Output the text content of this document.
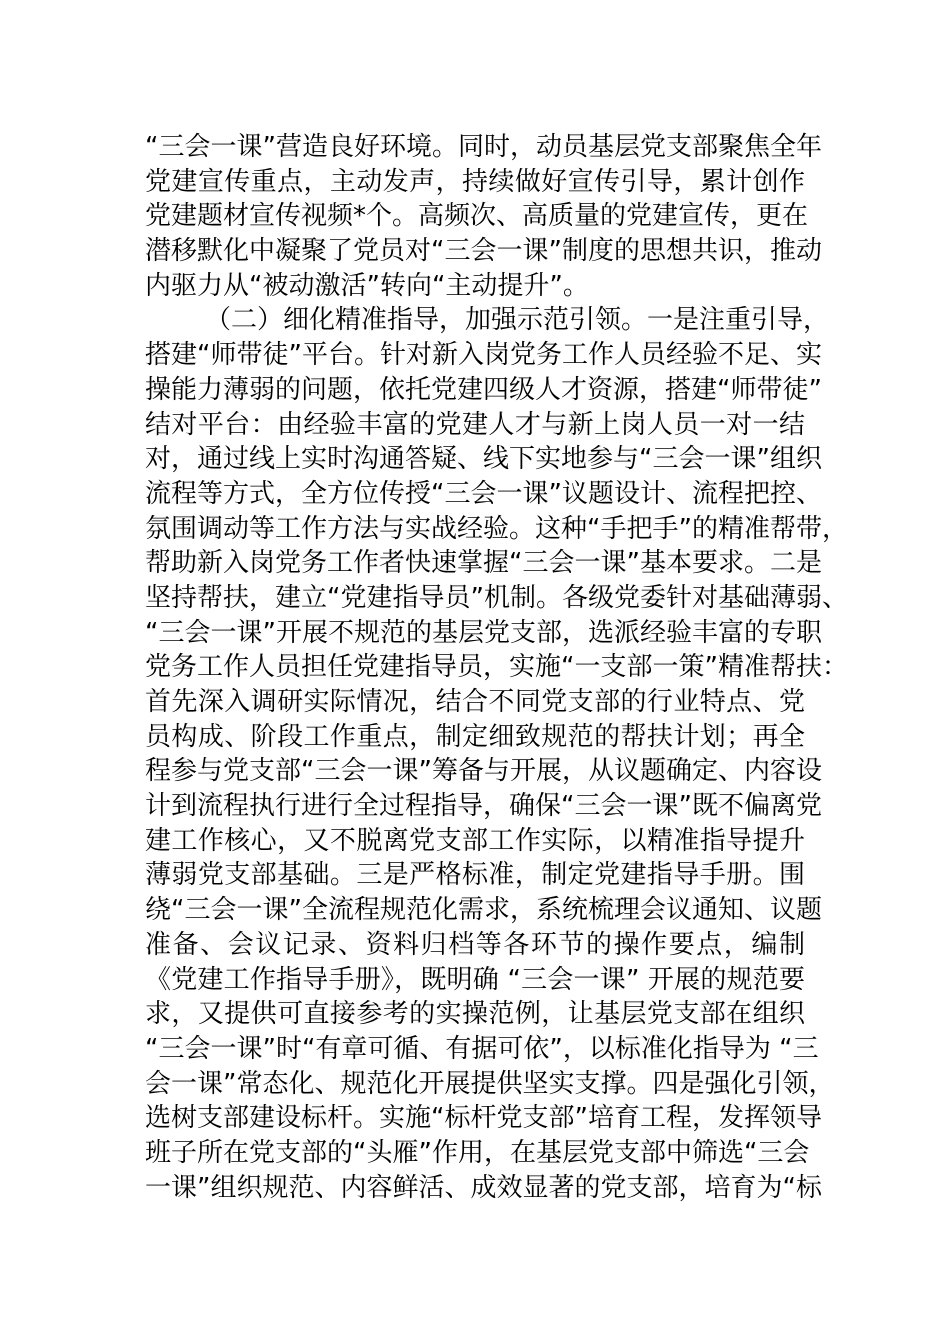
“三会一课”营造良好环境。同时，动员基层党支部聚焦全年
党建宣传重点，主动发声，持续做好宣传引导，累计创作
党建题材宣传视频*个。高频次、高质量的党建宣传，更在
潜移默化中凝聚了党员对“三会一课”制度的思想共识，推动
内驱力从“被动激活”转向“主动提升”。
（二）细化精准指导，加强示范引领。一是注重引导，
搭建“师带徒”平台。针对新入岗党务工作人员经验不足、实
操能力薄弱的问题，依托党建四级人才资源，搭建“师带徒”
结对平台：由经验丰富的党建人才与新上岗人员一对一结
对，通过线上实时沟通答疑、线下实地参与“三会一课”组织
流程等方式，全方位传授“三会一课”议题设计、流程把控、
氛围调动等工作方法与实战经验。这种“手把手”的精准帮带，
帮助新入岗党务工作者快速掌握“三会一课”基本要求。二是
坚持帮扶，建立“党建指导员”机制。各级党委针对基础薄弱、
“三会一课”开展不规范的基层党支部，选派经验丰富的专职
党务工作人员担任党建指导员，实施“一支部一策”精准帮扶：
首先深入调研实际情况，结合不同党支部的行业特点、党
员构成、阶段工作重点，制定细致规范的帮扶计划；再全
程参与党支部“三会一课”筹备与开展，从议题确定、内容设
计到流程执行进行全过程指导，确保“三会一课”既不偏离党
建工作核心，又不脱离党支部工作实际，以精准指导提升
薄弱党支部基础。三是严格标准，制定党建指导手册。围
绕“三会一课”全流程规范化需求，系统梳理会议通知、议题
准备、会议记录、资料归档等各环节的操作要点，编制
《党建工作指导手册》，既明确 “三会一课” 开展的规范要
求，又提供可直接参考的实操范例，让基层党支部在组织
“三会一课”时“有章可循、有据可依”，以标准化指导为 “三
会一课”常态化、规范化开展提供坚实支撑。四是强化引领，
选树支部建设标杆。实施“标杆党支部”培育工程，发挥领导
班子所在党支部的“头雁”作用，在基层党支部中筛选“三会
一课”组织规范、内容鲜活、成效显著的党支部，培育为“标
